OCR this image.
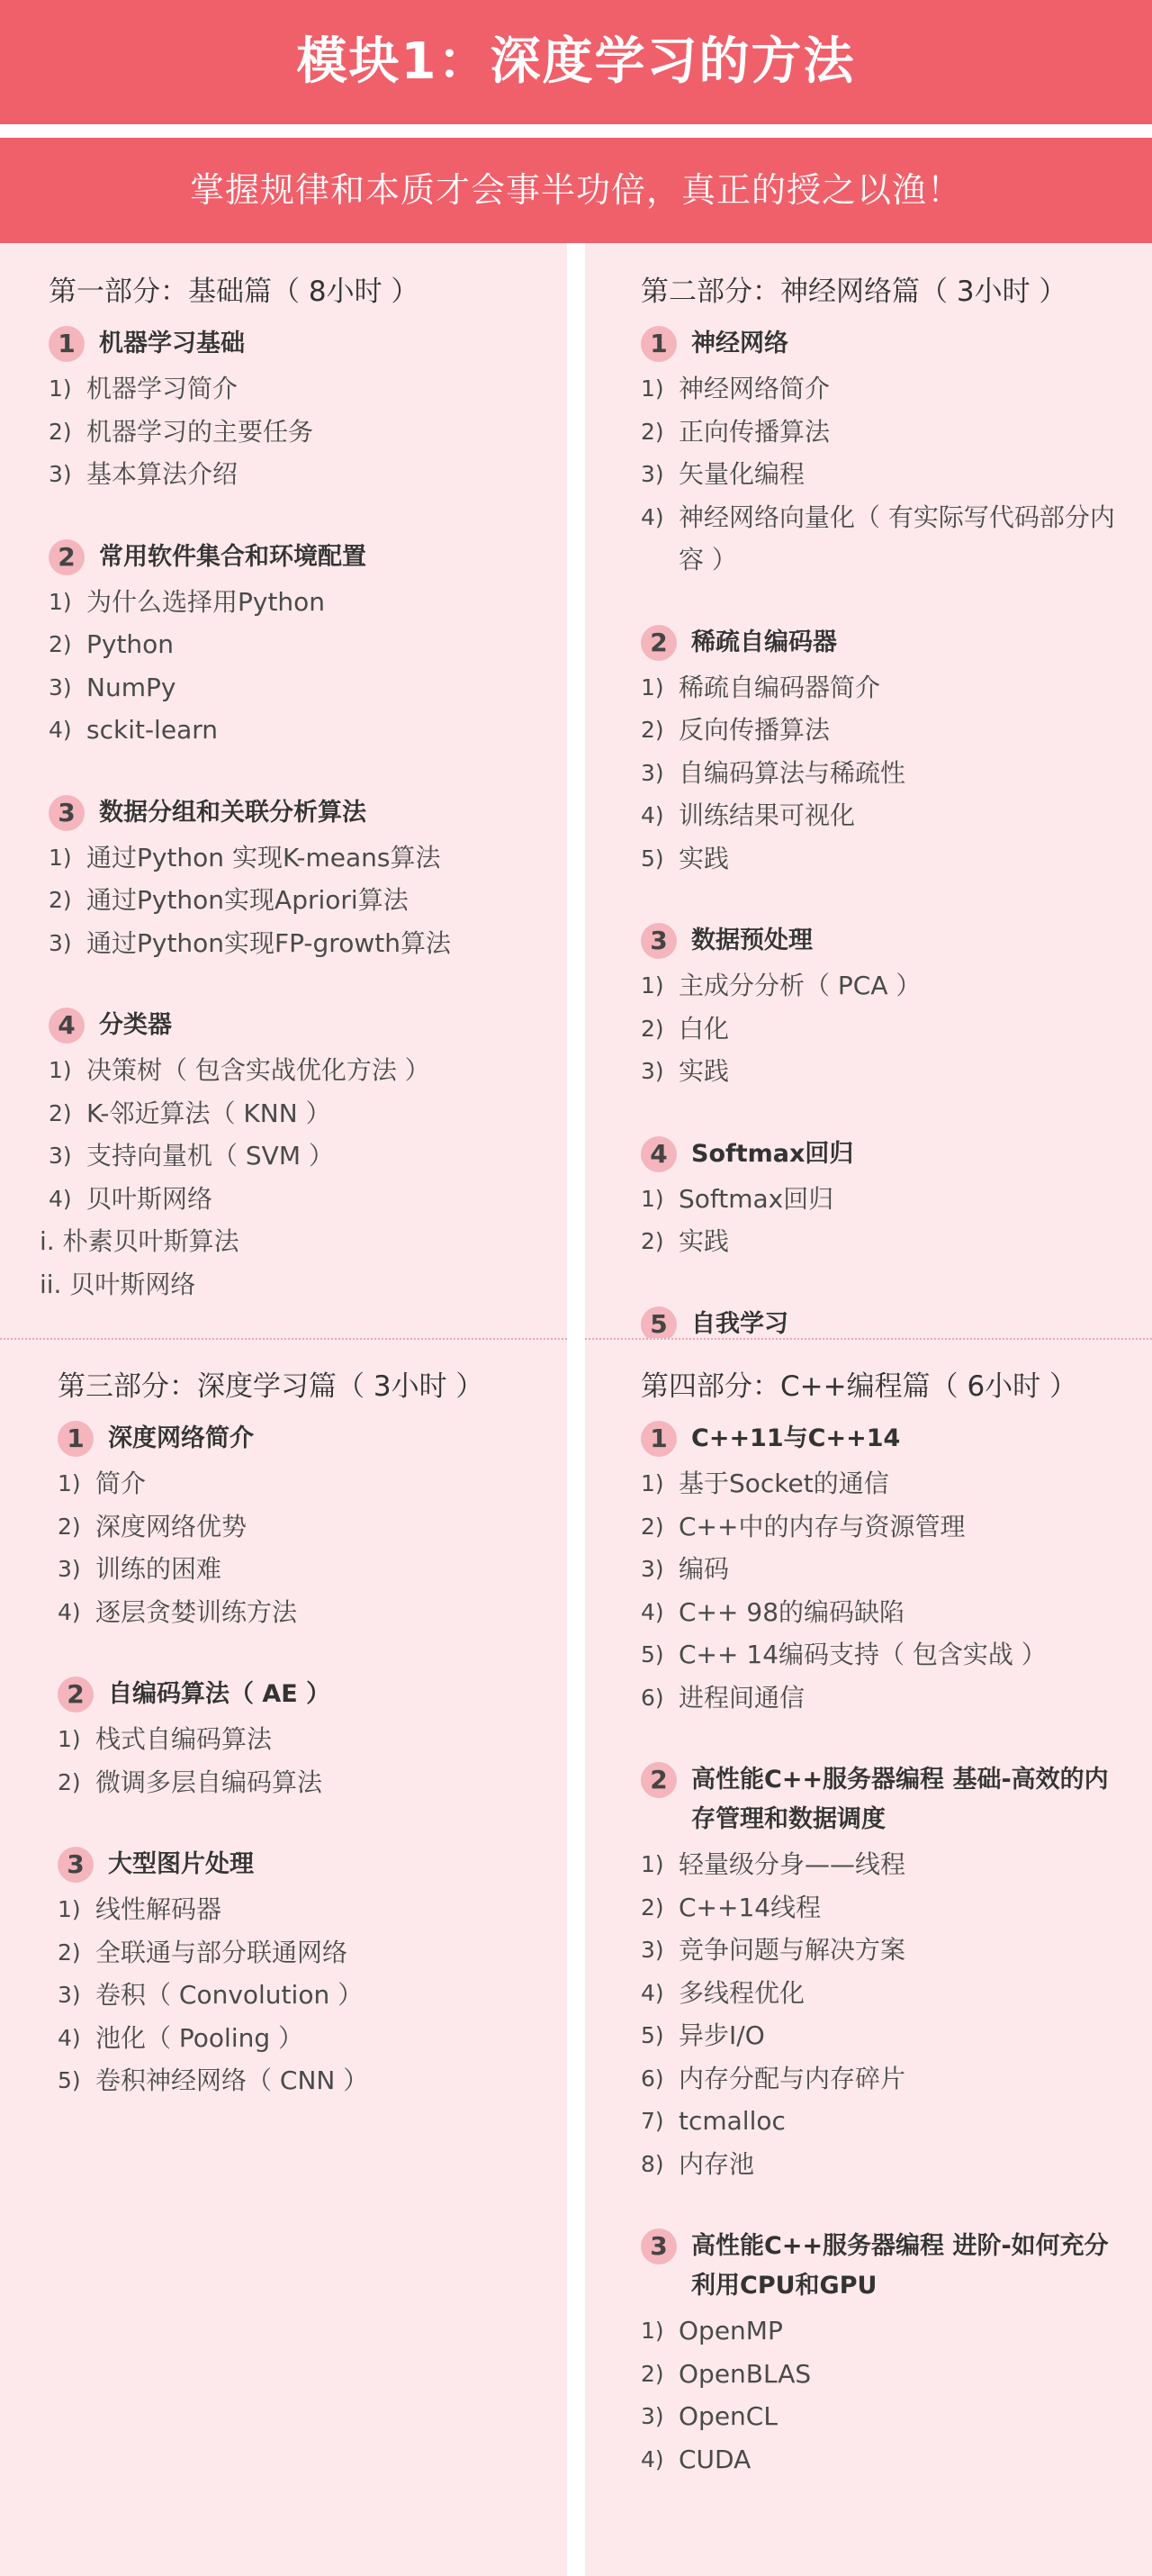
模块1：深度学习的方法
掌握规律和本质才会事半功倍，真正的授之以渔！
第一部分：基础篇（ 8小时 ）
1 机器学习基础
1) 机器学习简介
2) 机器学习的主要任务
3) 基本算法介绍
2 常用软件集合和环境配置
1) 为什么选择用Python
2) Python
3) NumPy
4) sckit-learn
3 数据分组和关联分析算法
1) 通过Python 实现K-means算法
2) 通过Python实现Apriori算法
3) 通过Python实现FP-growth算法
4 分类器
1) 决策树（ 包含实战优化方法 ）
2) K-邻近算法（ KNN ）
3) 支持向量机（ SVM ）
4) 贝叶斯网络
i. 朴素贝叶斯算法
ii. 贝叶斯网络
第二部分：神经网络篇（ 3小时 ）
1 神经网络
1) 神经网络简介
2) 正向传播算法
3) 矢量化编程
4) 神经网络向量化（ 有实际写代码部分内容 ）
2 稀疏自编码器
1) 稀疏自编码器简介
2) 反向传播算法
3) 自编码算法与稀疏性
4) 训练结果可视化
5) 实践
3 数据预处理
1) 主成分分析（ PCA ）
2) 白化
3) 实践
4 Softmax回归
1) Softmax回归
2) 实践
5 自我学习
第三部分：深度学习篇（ 3小时 ）
1 深度网络简介
1) 简介
2) 深度网络优势
3) 训练的困难
4) 逐层贪婪训练方法
2 自编码算法（ AE ）
1) 栈式自编码算法
2) 微调多层自编码算法
3 大型图片处理
1) 线性解码器
2) 全联通与部分联通网络
3) 卷积（ Convolution ）
4) 池化（ Pooling ）
5) 卷积神经网络（ CNN ）
第四部分：C++编程篇（ 6小时 ）
1 C++11与C++14
1) 基于Socket的通信
2) C++中的内存与资源管理
3) 编码
4) C++ 98的编码缺陷
5) C++ 14编码支持（ 包含实战 ）
6) 进程间通信
2 高性能C++服务器编程 基础-高效的内存管理和数据调度
1) 轻量级分身——线程
2) C++14线程
3) 竞争问题与解决方案
4) 多线程优化
5) 异步I/O
6) 内存分配与内存碎片
7) tcmalloc
8) 内存池
3 高性能C++服务器编程 进阶-如何充分利用CPU和GPU
1) OpenMP
2) OpenBLAS
3) OpenCL
4) CUDA
